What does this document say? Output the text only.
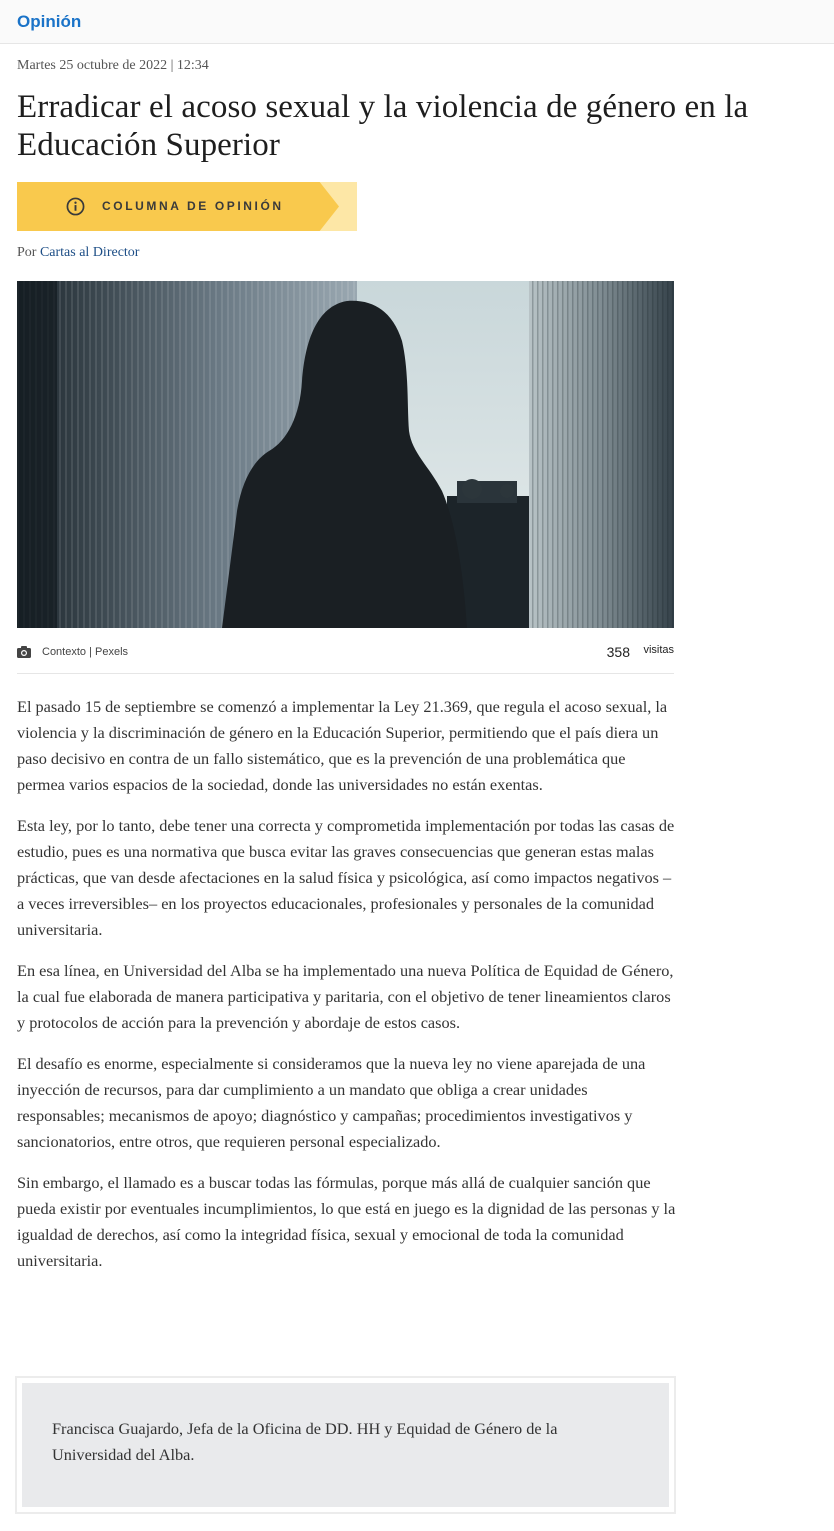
Opinión
Martes 25 octubre de 2022 | 12:34
Erradicar el acoso sexual y la violencia de género en la Educación Superior
COLUMNA DE OPINIÓN
Por Cartas al Director
Contexto | Pexels	358 visitas

El pasado 15 de septiembre se comenzó a implementar la Ley 21.369, que regula el acoso sexual, la violencia y la discriminación de género en la Educación Superior, permitiendo que el país diera un paso decisivo en contra de un fallo sistemático, que es la prevención de una problemática que permea varios espacios de la sociedad, donde las universidades no están exentas.

Esta ley, por lo tanto, debe tener una correcta y comprometida implementación por todas las casas de estudio, pues es una normativa que busca evitar las graves consecuencias que generan estas malas prácticas, que van desde afectaciones en la salud física y psicológica, así como impactos negativos –a veces irreversibles– en los proyectos educacionales, profesionales y personales de la comunidad universitaria.

En esa línea, en Universidad del Alba se ha implementado una nueva Política de Equidad de Género, la cual fue elaborada de manera participativa y paritaria, con el objetivo de tener lineamientos claros y protocolos de acción para la prevención y abordaje de estos casos.

El desafío es enorme, especialmente si consideramos que la nueva ley no viene aparejada de una inyección de recursos, para dar cumplimiento a un mandato que obliga a crear unidades responsables; mecanismos de apoyo; diagnóstico y campañas; procedimientos investigativos y sancionatorios, entre otros, que requieren personal especializado.

Sin embargo, el llamado es a buscar todas las fórmulas, porque más allá de cualquier sanción que pueda existir por eventuales incumplimientos, lo que está en juego es la dignidad de las personas y la igualdad de derechos, así como la integridad física, sexual y emocional de toda la comunidad universitaria.

Francisca Guajardo, Jefa de la Oficina de DD. HH y Equidad de Género de la Universidad del Alba.
